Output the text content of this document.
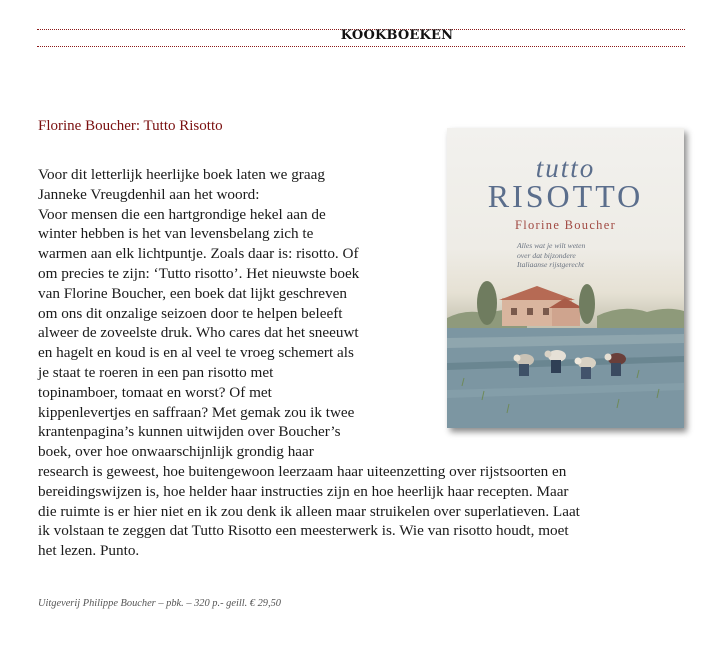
KOOKBOEKEN
Florine Boucher: Tutto Risotto
tutto
RISOTTO
Florine Boucher
Alles wat je wilt weten
over dat bijzondere
Italiaanse rijstgerecht

Voor dit letterlijk heerlijke boek laten we graag
Janneke Vreugdenhil aan het woord:
Voor mensen die een hartgrondige hekel aan de
winter hebben is het van levensbelang zich te
warmen aan elk lichtpuntje. Zoals daar is: risotto. Of
om precies te zijn: ‘Tutto risotto’. Het nieuwste boek
van Florine Boucher, een boek dat lijkt geschreven
om ons dit onzalige seizoen door te helpen beleeft
alweer de zoveelste druk. Who cares dat het sneeuwt
en hagelt en koud is en al veel te vroeg schemert als
je staat te roeren in een pan risotto met
topinamboer, tomaat en worst? Of met
kippenlevertjes en saffraan? Met gemak zou ik twee
krantenpagina’s kunnen uitwijden over Boucher’s
boek, over hoe onwaarschijnlijk grondig haar
research is geweest, hoe buitengewoon leerzaam haar uiteenzetting over rijstsoorten en
bereidingswijzen is, hoe helder haar instructies zijn en hoe heerlijk haar recepten. Maar
die ruimte is er hier niet en ik zou denk ik alleen maar struikelen over superlatieven. Laat
ik volstaan te zeggen dat Tutto Risotto een meesterwerk is. Wie van risotto houdt, moet
het lezen. Punto.

Uitgeverij Philippe Boucher – pbk. – 320 p.- geill. € 29,50
